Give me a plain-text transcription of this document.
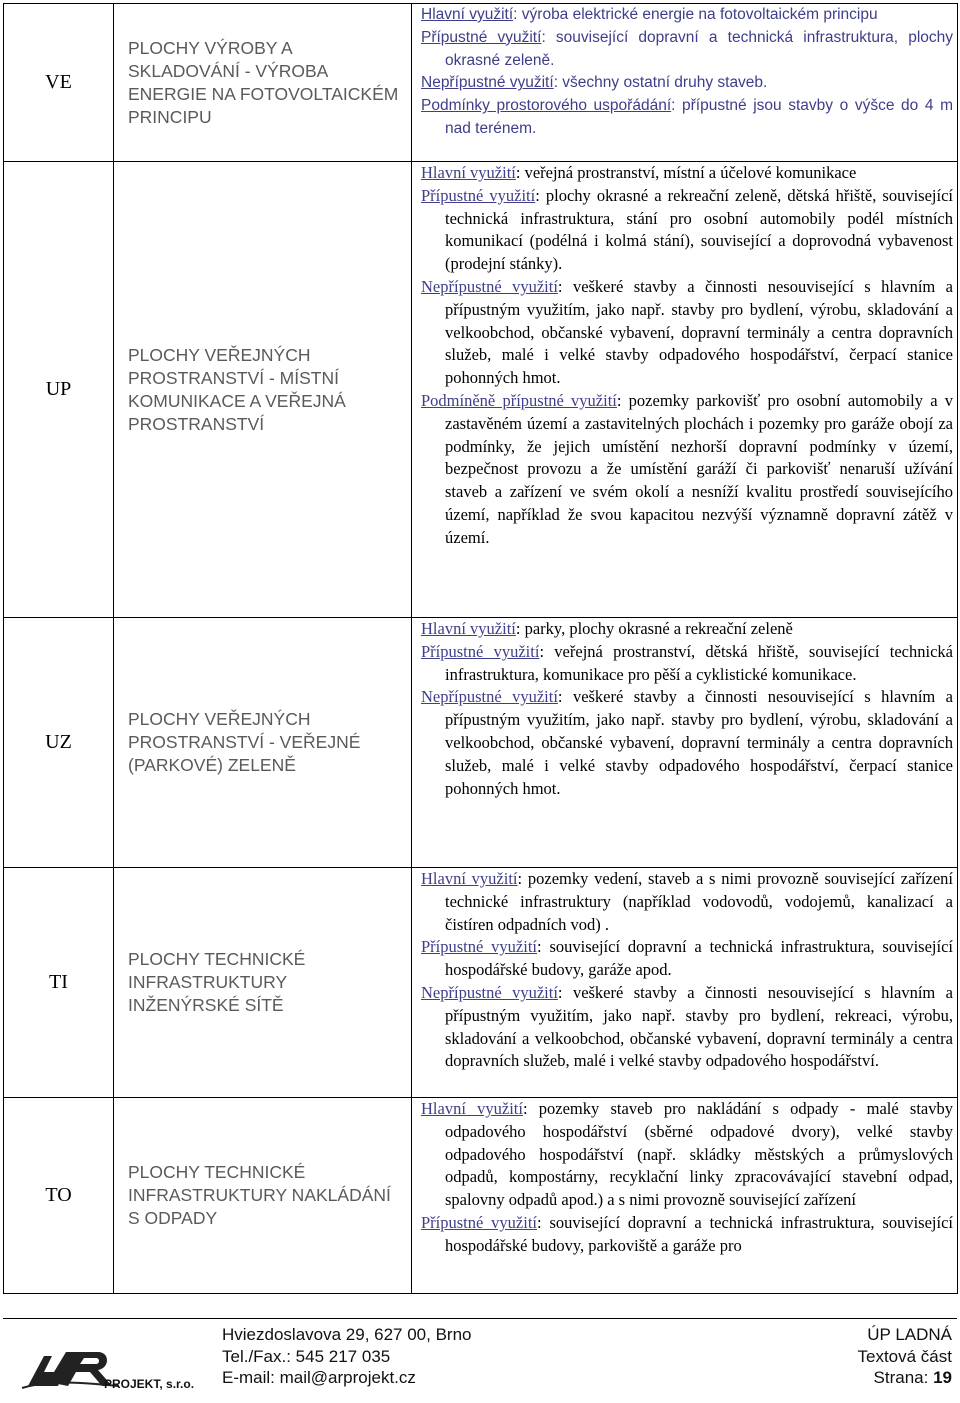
VE	PLOCHY VÝROBY A SKLADOVÁNÍ - VÝROBA ENERGIE NA FOTOVOLTAICKÉM PRINCIPU	Hlavní využití: výroba elektrické energie na fotovoltaickém principu

Přípustné využití: související dopravní a technická infrastruktura, plochy okrasné zeleně.

Nepřípustné využití: všechny ostatní druhy staveb.

Podmínky prostorového uspořádání: přípustné jsou stavby o výšce do 4 m nad terénem.

UP	PLOCHY VEŘEJNÝCH PROSTRANSTVÍ - MÍSTNÍ KOMUNIKACE A VEŘEJNÁ PROSTRANSTVÍ	Hlavní využití: veřejná prostranství, místní a účelové komunikace

Přípustné využití: plochy okrasné a rekreační zeleně, dětská hřiště, související technická infrastruktura, stání pro osobní automobily podél místních komunikací (podélná i kolmá stání), související a doprovodná vybavenost (prodejní stánky).

Nepřípustné využití: veškeré stavby a činnosti nesouvisející s hlavním a přípustným využitím, jako např. stavby pro bydlení, výrobu, skladování a velkoobchod, občanské vybavení, dopravní terminály a centra dopravních služeb, malé i velké stavby odpadového hospodářství, čerpací stanice pohonných hmot.

Podmíněně přípustné využití: pozemky parkovišť pro osobní automobily a v zastavěném území a zastavitelných plochách i pozemky pro garáže obojí za podmínky, že jejich umístění nezhorší dopravní podmínky v území, bezpečnost provozu a že umístění garáží či parkovišť nenaruší užívání staveb a zařízení ve svém okolí a nesníží kvalitu prostředí souvisejícího území, například že svou kapacitou nezvýší významně dopravní zátěž v území.

UZ	PLOCHY VEŘEJNÝCH PROSTRANSTVÍ - VEŘEJNÉ (PARKOVÉ) ZELENĚ	Hlavní využití: parky, plochy okrasné a rekreační zeleně

Přípustné využití: veřejná prostranství, dětská hřiště, související technická infrastruktura, komunikace pro pěší a cyklistické komunikace.

Nepřípustné využití: veškeré stavby a činnosti nesouvisející s hlavním a přípustným využitím, jako např. stavby pro bydlení, výrobu, skladování a velkoobchod, občanské vybavení, dopravní terminály a centra dopravních služeb, malé i velké stavby odpadového hospodářství, čerpací stanice pohonných hmot.

TI	PLOCHY TECHNICKÉ INFRASTRUKTURY INŽENÝRSKÉ SÍTĚ	Hlavní využití: pozemky vedení, staveb a s nimi provozně související zařízení technické infrastruktury (například vodovodů, vodojemů, kanalizací a čistíren odpadních vod) .

Přípustné využití: související dopravní a technická infrastruktura, související hospodářské budovy, garáže apod.

Nepřípustné využití: veškeré stavby a činnosti nesouvisející s hlavním a přípustným využitím, jako např. stavby pro bydlení, rekreaci, výrobu, skladování a velkoobchod, občanské vybavení, dopravní terminály a centra dopravních služeb, malé i velké stavby odpadového hospodářství.

TO	PLOCHY TECHNICKÉ INFRASTRUKTURY NAKLÁDÁNÍ S ODPADY	Hlavní využití: pozemky staveb pro nakládání s odpady - malé stavby odpadového hospodářství (sběrné odpadové dvory), velké stavby odpadového hospodářství (např. skládky městských a průmyslových odpadů, kompostárny, recyklační linky zpracovávající stavební odpad, spalovny odpadů apod.) a s nimi provozně související zařízení

Přípustné využití: související dopravní a technická infrastruktura, související hospodářské budovy, parkoviště a garáže pro

PROJEKT, s.r.o.
Hviezdoslavova 29, 627 00, Brno
Tel./Fax.: 545 217 035
E-mail: mail@arprojekt.cz
ÚP LADNÁ
Textová část
Strana: 19
